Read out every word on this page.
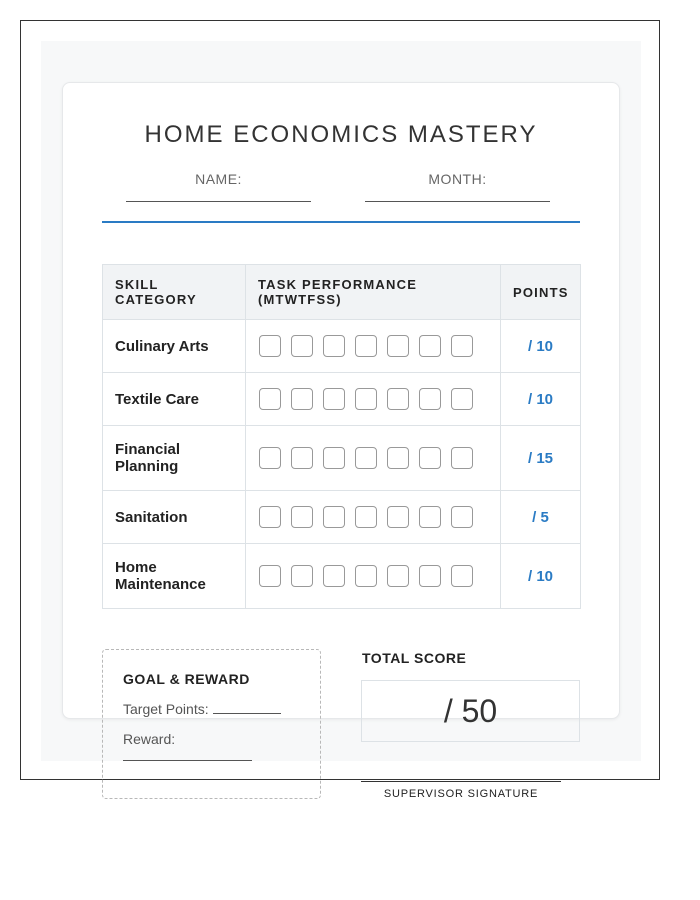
HOME ECONOMICS MASTERY
NAME:	MONTH:
SKILL CATEGORY	TASK PERFORMANCE (MTWTFSS)	POINTS
Culinary Arts		/ 10
Textile Care		/ 10
Financial Planning		/ 15
Sanitation		/ 5
Home Maintenance		/ 10
GOAL & REWARD
Target Points:
Reward:
TOTAL SCORE
/ 50
SUPERVISOR SIGNATURE
